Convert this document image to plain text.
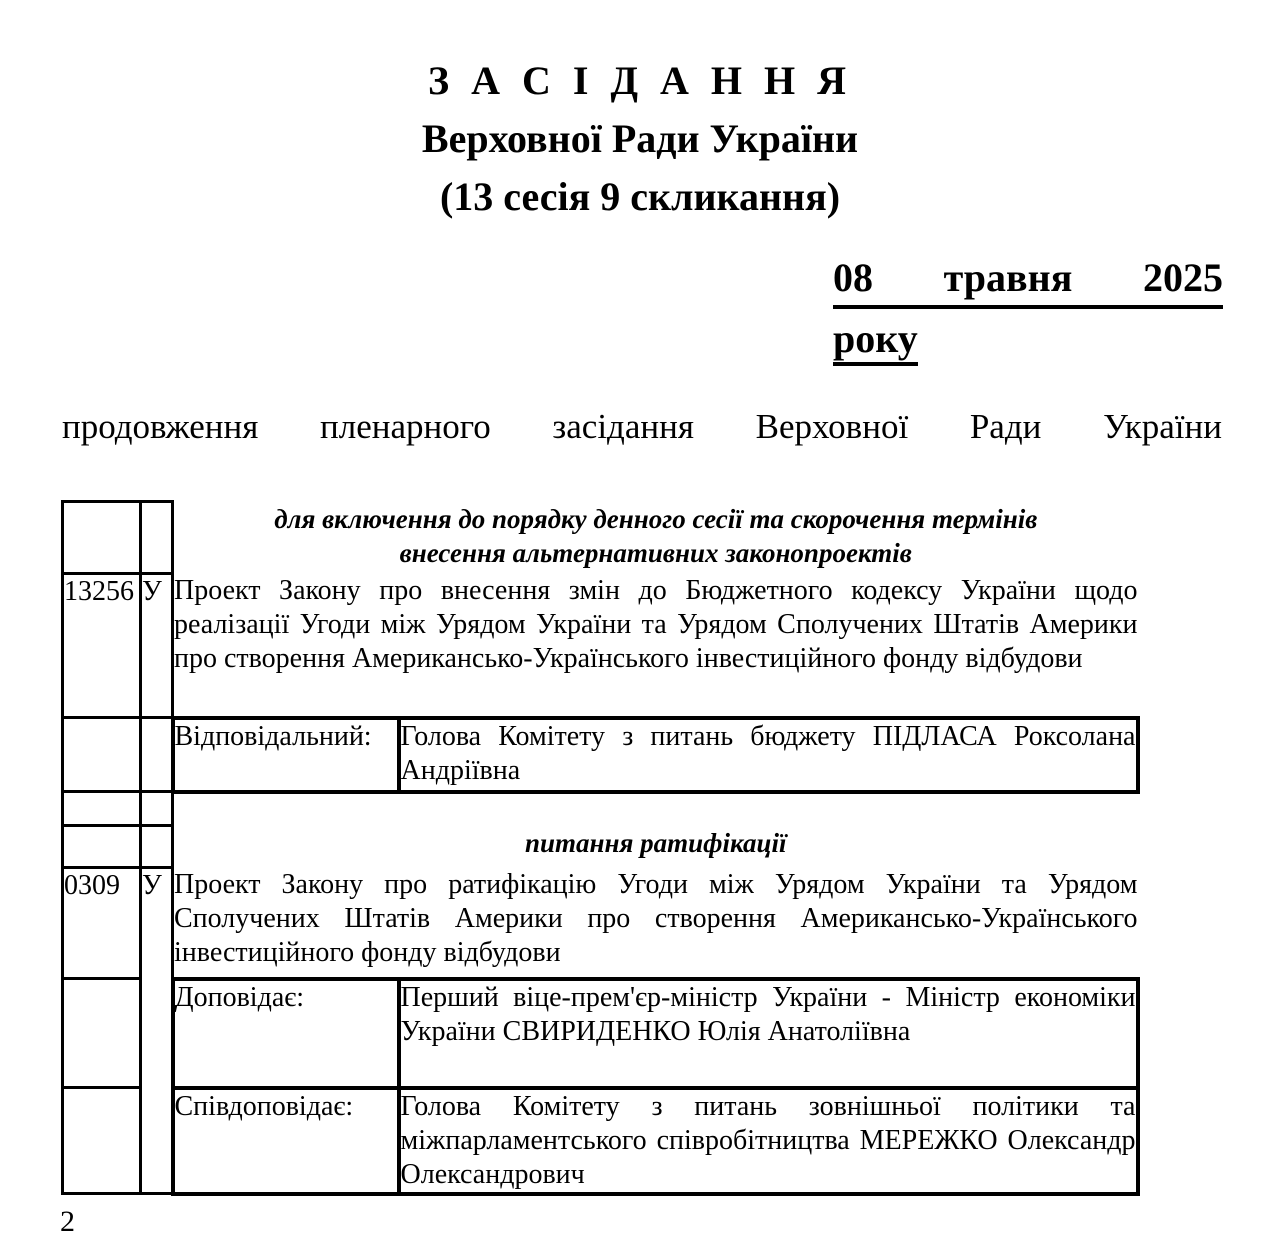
З А С І Д А Н Н Я
Верховної Ради України
(13 сесія 9 скликання)
08 травня 2025
року
продовження пленарного засідання Верховної Ради України

		для включення до порядку денного сесії та скорочення термінів
внесення альтернативних законопроектів	

13256	У	Проект Закону про внесення змін до Бюджетного кодексу України щодо реалізації Угоди між Урядом України та Урядом Сполучених Штатів Америки про створення Американсько-Українського інвестиційного фонду відбудови	
		Відповідальний:	Голова Комітету з питань бюджету ПІДЛАСА Роксолана Андріївна

		питання ратифікації	
0309	У	Проект Закону про ратифікацію Угоди між Урядом України та Урядом Сполучених Штатів Америки про створення Американсько-Українського інвестиційного фонду відбудови	
		Доповідає:	Перший віце-прем'єр-міністр України - Міністр економіки України СВИРИДЕНКО Юлія Анатоліївна
		Співдоповідає:	Голова Комітету з питань зовнішньої політики та міжпарламентського співробітництва МЕРЕЖКО Олександр Олександрович
2
